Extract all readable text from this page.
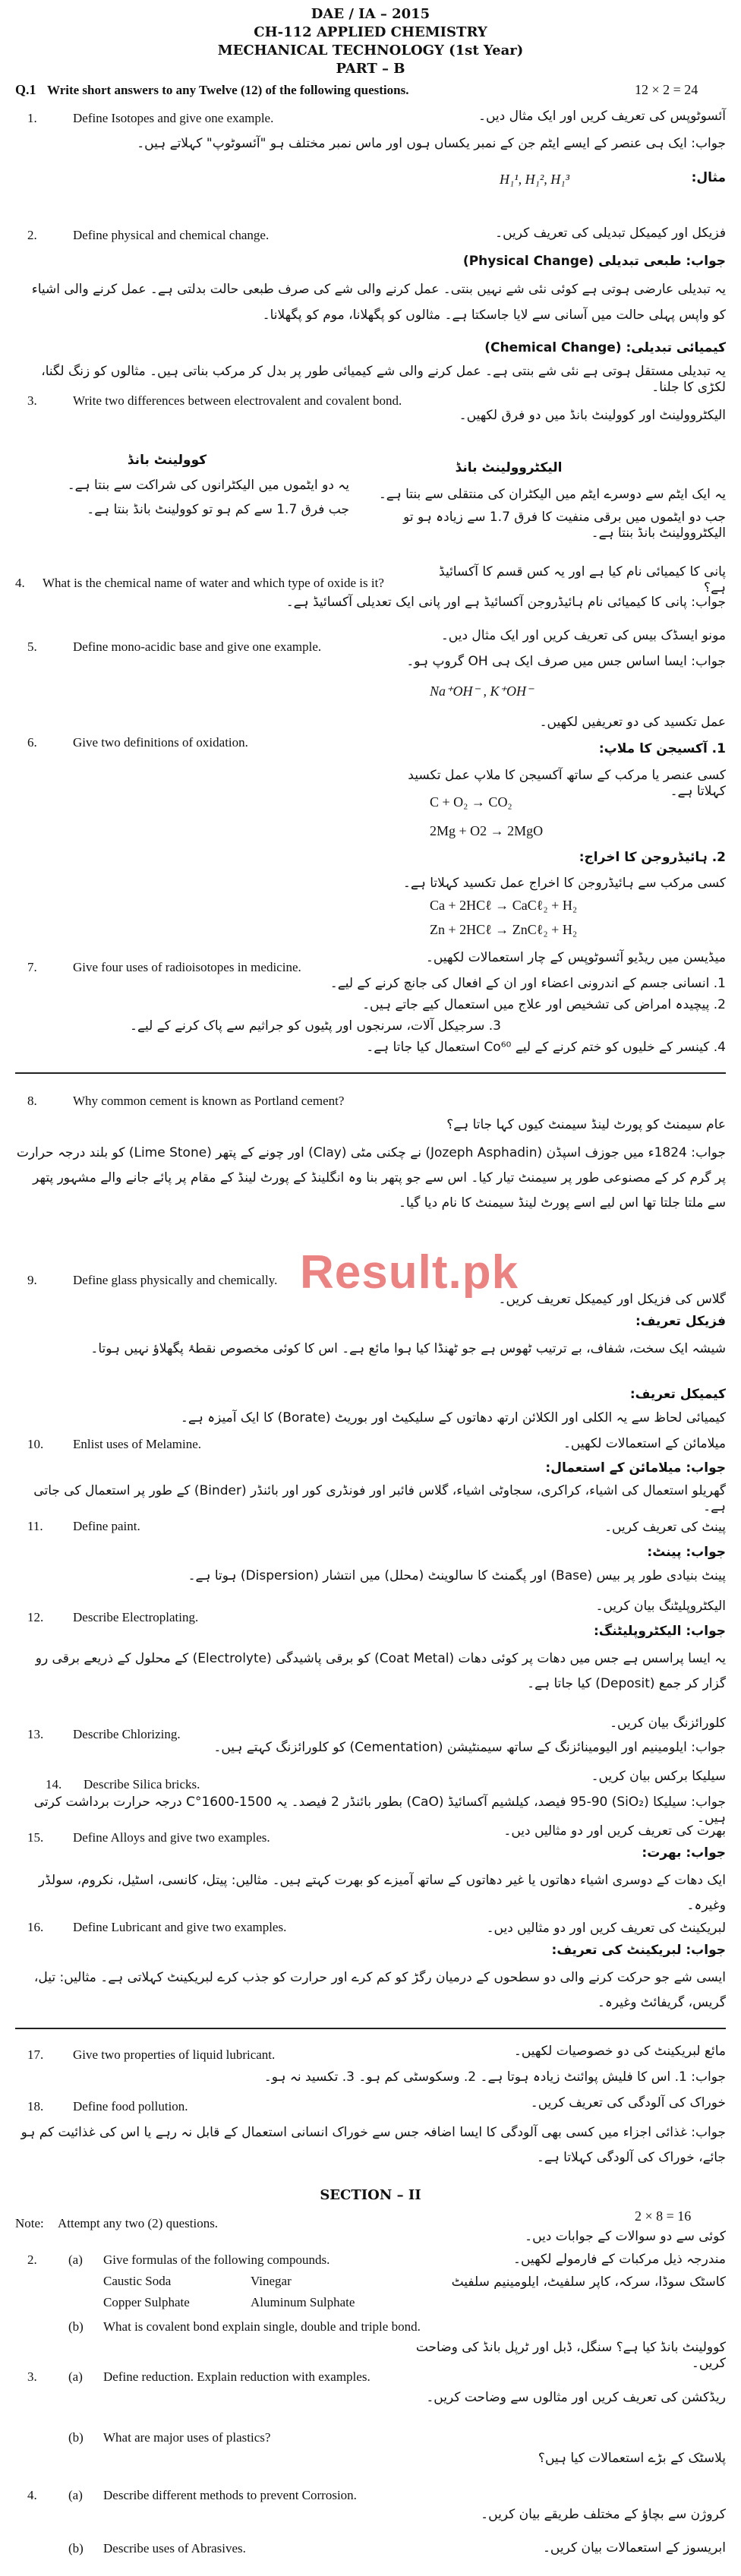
DAE / IA – 2015
CH-112 APPLIED CHEMISTRY
MECHANICAL TECHNOLOGY (1st Year)
PART – B
Q.1 Write short answers to any Twelve (12) of the following questions.	12 × 2 = 24
1.	Define Isotopes and give one example.	آئسوٹوپس کی تعریف کریں اور ایک مثال دیں۔
جواب: ایک ہی عنصر کے ایسے ایٹم جن کے نمبر یکساں ہوں اور ماس نمبر مختلف ہو "آئسوٹوپ" کہلاتے ہیں۔
مثال:
H₁¹, H₁², H₁³
2.	Define physical and chemical change.	فزیکل اور کیمیکل تبدیلی کی تعریف کریں۔
جواب: طبعی تبدیلی (Physical Change)
یہ تبدیلی عارضی ہوتی ہے کوئی نئی شے نہیں بنتی۔ عمل کرنے والی شے کی صرف طبعی حالت بدلتی ہے۔ عمل کرنے والی اشیاء کو واپس پہلی حالت میں آسانی سے لایا جاسکتا ہے۔ مثالوں کو پگھلانا، موم کو پگھلانا۔
کیمیائی تبدیلی: (Chemical Change)
یہ تبدیلی مستقل ہوتی ہے نئی شے بنتی ہے۔ عمل کرنے والی شے کیمیائی طور پر بدل کر مرکب بناتی ہیں۔ مثالوں کو زنگ لگنا، لکڑی کا جلنا۔
3.	Write two differences between electrovalent and covalent bond.
الیکٹروولینٹ اور کوولینٹ بانڈ میں دو فرق لکھیں۔
الیکٹروولینٹ بانڈ
کوولینٹ بانڈ
یہ ایک ایٹم سے دوسرے ایٹم میں الیکٹران کی منتقلی سے بنتا ہے۔
یہ دو ایٹموں میں الیکٹرانوں کی شراکت سے بنتا ہے۔
جب دو ایٹموں میں برقی منفیت کا فرق 1.7 سے زیادہ ہو تو الیکٹروولینٹ بانڈ بنتا ہے۔
جب فرق 1.7 سے کم ہو تو کوولینٹ بانڈ بنتا ہے۔
4. What is the chemical name of water and which type of oxide is it?
پانی کا کیمیائی نام کیا ہے اور یہ کس قسم کا آکسائیڈ ہے؟
جواب: پانی کا کیمیائی نام ہائیڈروجن آکسائیڈ ہے اور پانی ایک تعدیلی آکسائیڈ ہے۔
5.	Define mono-acidic base and give one example.
مونو ایسڈک بیس کی تعریف کریں اور ایک مثال دیں۔
جواب: ایسا اساس جس میں صرف ایک ہی OH گروپ ہو۔
Na⁺OH⁻ , K⁺OH⁻
6.	Give two definitions of oxidation.
عمل تکسید کی دو تعریفیں لکھیں۔
1. آکسیجن کا ملاپ:
کسی عنصر یا مرکب کے ساتھ آکسیجن کا ملاپ عمل تکسید کہلاتا ہے۔
C + O₂ → CO₂
2Mg + O2 → 2MgO
2. ہائیڈروجن کا اخراج:
کسی مرکب سے ہائیڈروجن کا اخراج عمل تکسید کہلاتا ہے۔
Ca + 2HCℓ → CaCℓ₂ + H₂
Zn + 2HCℓ → ZnCℓ₂ + H₂
7.	Give four uses of radioisotopes in medicine.
میڈیسن میں ریڈیو آئسوٹوپس کے چار استعمالات لکھیں۔
1. انسانی جسم کے اندرونی اعضاء اور ان کے افعال کی جانچ کرنے کے لیے۔
2. پیچیدہ امراض کی تشخیص اور علاج میں استعمال کیے جاتے ہیں۔
3. سرجیکل آلات، سرنجوں اور پٹیوں کو جراثیم سے پاک کرنے کے لیے۔
4. کینسر کے خلیوں کو ختم کرنے کے لیے Co⁶⁰ استعمال کیا جاتا ہے۔
8.	Why common cement is known as Portland cement?
عام سیمنٹ کو پورٹ لینڈ سیمنٹ کیوں کہا جاتا ہے؟
جواب: 1824ء میں جوزف اسپڈن (Jozeph Asphadin) نے چکنی مٹی (Clay) اور چونے کے پتھر (Lime Stone) کو بلند درجہ حرارت پر گرم کر کے مصنوعی طور پر سیمنٹ تیار کیا۔ اس سے جو پتھر بنا وہ انگلینڈ کے پورٹ لینڈ کے مقام پر پائے جانے والے مشہور پتھر سے ملتا جلتا تھا اس لیے اسے پورٹ لینڈ سیمنٹ کا نام دیا گیا۔
Result.pk
9.	Define glass physically and chemically.
گلاس کی فزیکل اور کیمیکل تعریف کریں۔
فزیکل تعریف:
شیشہ ایک سخت، شفاف، بے ترتیب ٹھوس ہے جو ٹھنڈا کیا ہوا مائع ہے۔ اس کا کوئی مخصوص نقطۂ پگھلاؤ نہیں ہوتا۔
کیمیکل تعریف:
کیمیائی لحاظ سے یہ الکلی اور الکلائن ارتھ دھاتوں کے سلیکیٹ اور بوریٹ (Borate) کا ایک آمیزہ ہے۔
10. Enlist uses of Melamine.	میلامائن کے استعمالات لکھیں۔
جواب: میلامائن کے استعمال:
گھریلو استعمال کی اشیاء، کراکری، سجاوٹی اشیاء، گلاس فائبر اور فونڈری کور اور بائنڈر (Binder) کے طور پر استعمال کی جاتی ہے۔
11. Define paint.	پینٹ کی تعریف کریں۔
جواب: پینٹ:
پینٹ بنیادی طور پر بیس (Base) اور پگمنٹ کا سالوینٹ (محلل) میں انتشار (Dispersion) ہوتا ہے۔
12. Describe Electroplating.
الیکٹروپلیٹنگ بیان کریں۔
جواب: الیکٹروپلیٹنگ:
یہ ایسا پراسس ہے جس میں دھات پر کوئی دھات (Coat Metal) کو برقی پاشیدگی (Electrolyte) کے محلول کے ذریعے برقی رو گزار کر جمع (Deposit) کیا جاتا ہے۔
13. Describe Chlorizing.
کلورائزنگ بیان کریں۔
جواب: ایلومینیم اور الیومینائزنگ کے ساتھ سیمنٹیشن (Cementation) کو کلورائزنگ کہتے ہیں۔
14. Describe Silica bricks.
سیلیکا برکس بیان کریں۔
جواب: سیلیکا (SiO₂) 95-90 فیصد، کیلشیم آکسائیڈ (CaO) بطور بائنڈر 2 فیصد۔ یہ 1500-1600°C درجہ حرارت برداشت کرتی ہیں۔
15. Define Alloys and give two examples.	بھرت کی تعریف کریں اور دو مثالیں دیں۔
جواب: بھرت:
ایک دھات کے دوسری اشیاء دھاتوں یا غیر دھاتوں کے ساتھ آمیزے کو بھرت کہتے ہیں۔ مثالیں: پیتل، کانسی، اسٹیل، نکروم، سولڈر وغیرہ۔
16. Define Lubricant and give two examples.	لبریکینٹ کی تعریف کریں اور دو مثالیں دیں۔
جواب: لبریکینٹ کی تعریف:
ایسی شے جو حرکت کرنے والی دو سطحوں کے درمیان رگڑ کو کم کرے اور حرارت کو جذب کرے لبریکینٹ کہلاتی ہے۔ مثالیں: تیل، گریس، گریفائٹ وغیرہ۔
17. Give two properties of liquid lubricant.	مائع لبریکینٹ کی دو خصوصیات لکھیں۔
جواب: 1. اس کا فلیش پوائنٹ زیادہ ہوتا ہے۔ 2. وسکوسٹی کم ہو۔ 3. تکسید نہ ہو۔
18. Define food pollution.	خوراک کی آلودگی کی تعریف کریں۔
جواب: غذائی اجزاء میں کسی بھی آلودگی کا ایسا اضافہ جس سے خوراک انسانی استعمال کے قابل نہ رہے یا اس کی غذائیت کم ہو جائے، خوراک کی آلودگی کہلاتا ہے۔
SECTION – II
Note: Attempt any two (2) questions.	2 × 8 = 16
کوئی سے دو سوالات کے جوابات دیں۔
2. (a) Give formulas of the following compounds.	مندرجہ ذیل مرکبات کے فارمولے لکھیں۔
Caustic Soda	Vinegar	کاسٹک سوڈا، سرکہ، کاپر سلفیٹ، ایلومینیم سلفیٹ
Copper Sulphate	Aluminum Sulphate
(b) What is covalent bond explain single, double and triple bond.
کوولینٹ بانڈ کیا ہے؟ سنگل، ڈبل اور ٹرپل بانڈ کی وضاحت کریں۔
3. (a) Define reduction. Explain reduction with examples.
ریڈکشن کی تعریف کریں اور مثالوں سے وضاحت کریں۔
(b) What are major uses of plastics?
پلاسٹک کے بڑے استعمالات کیا ہیں؟
4. (a) Describe different methods to prevent Corrosion.
کروژن سے بچاؤ کے مختلف طریقے بیان کریں۔
(b) Describe uses of Abrasives.	ابریسوز کے استعمالات بیان کریں۔
